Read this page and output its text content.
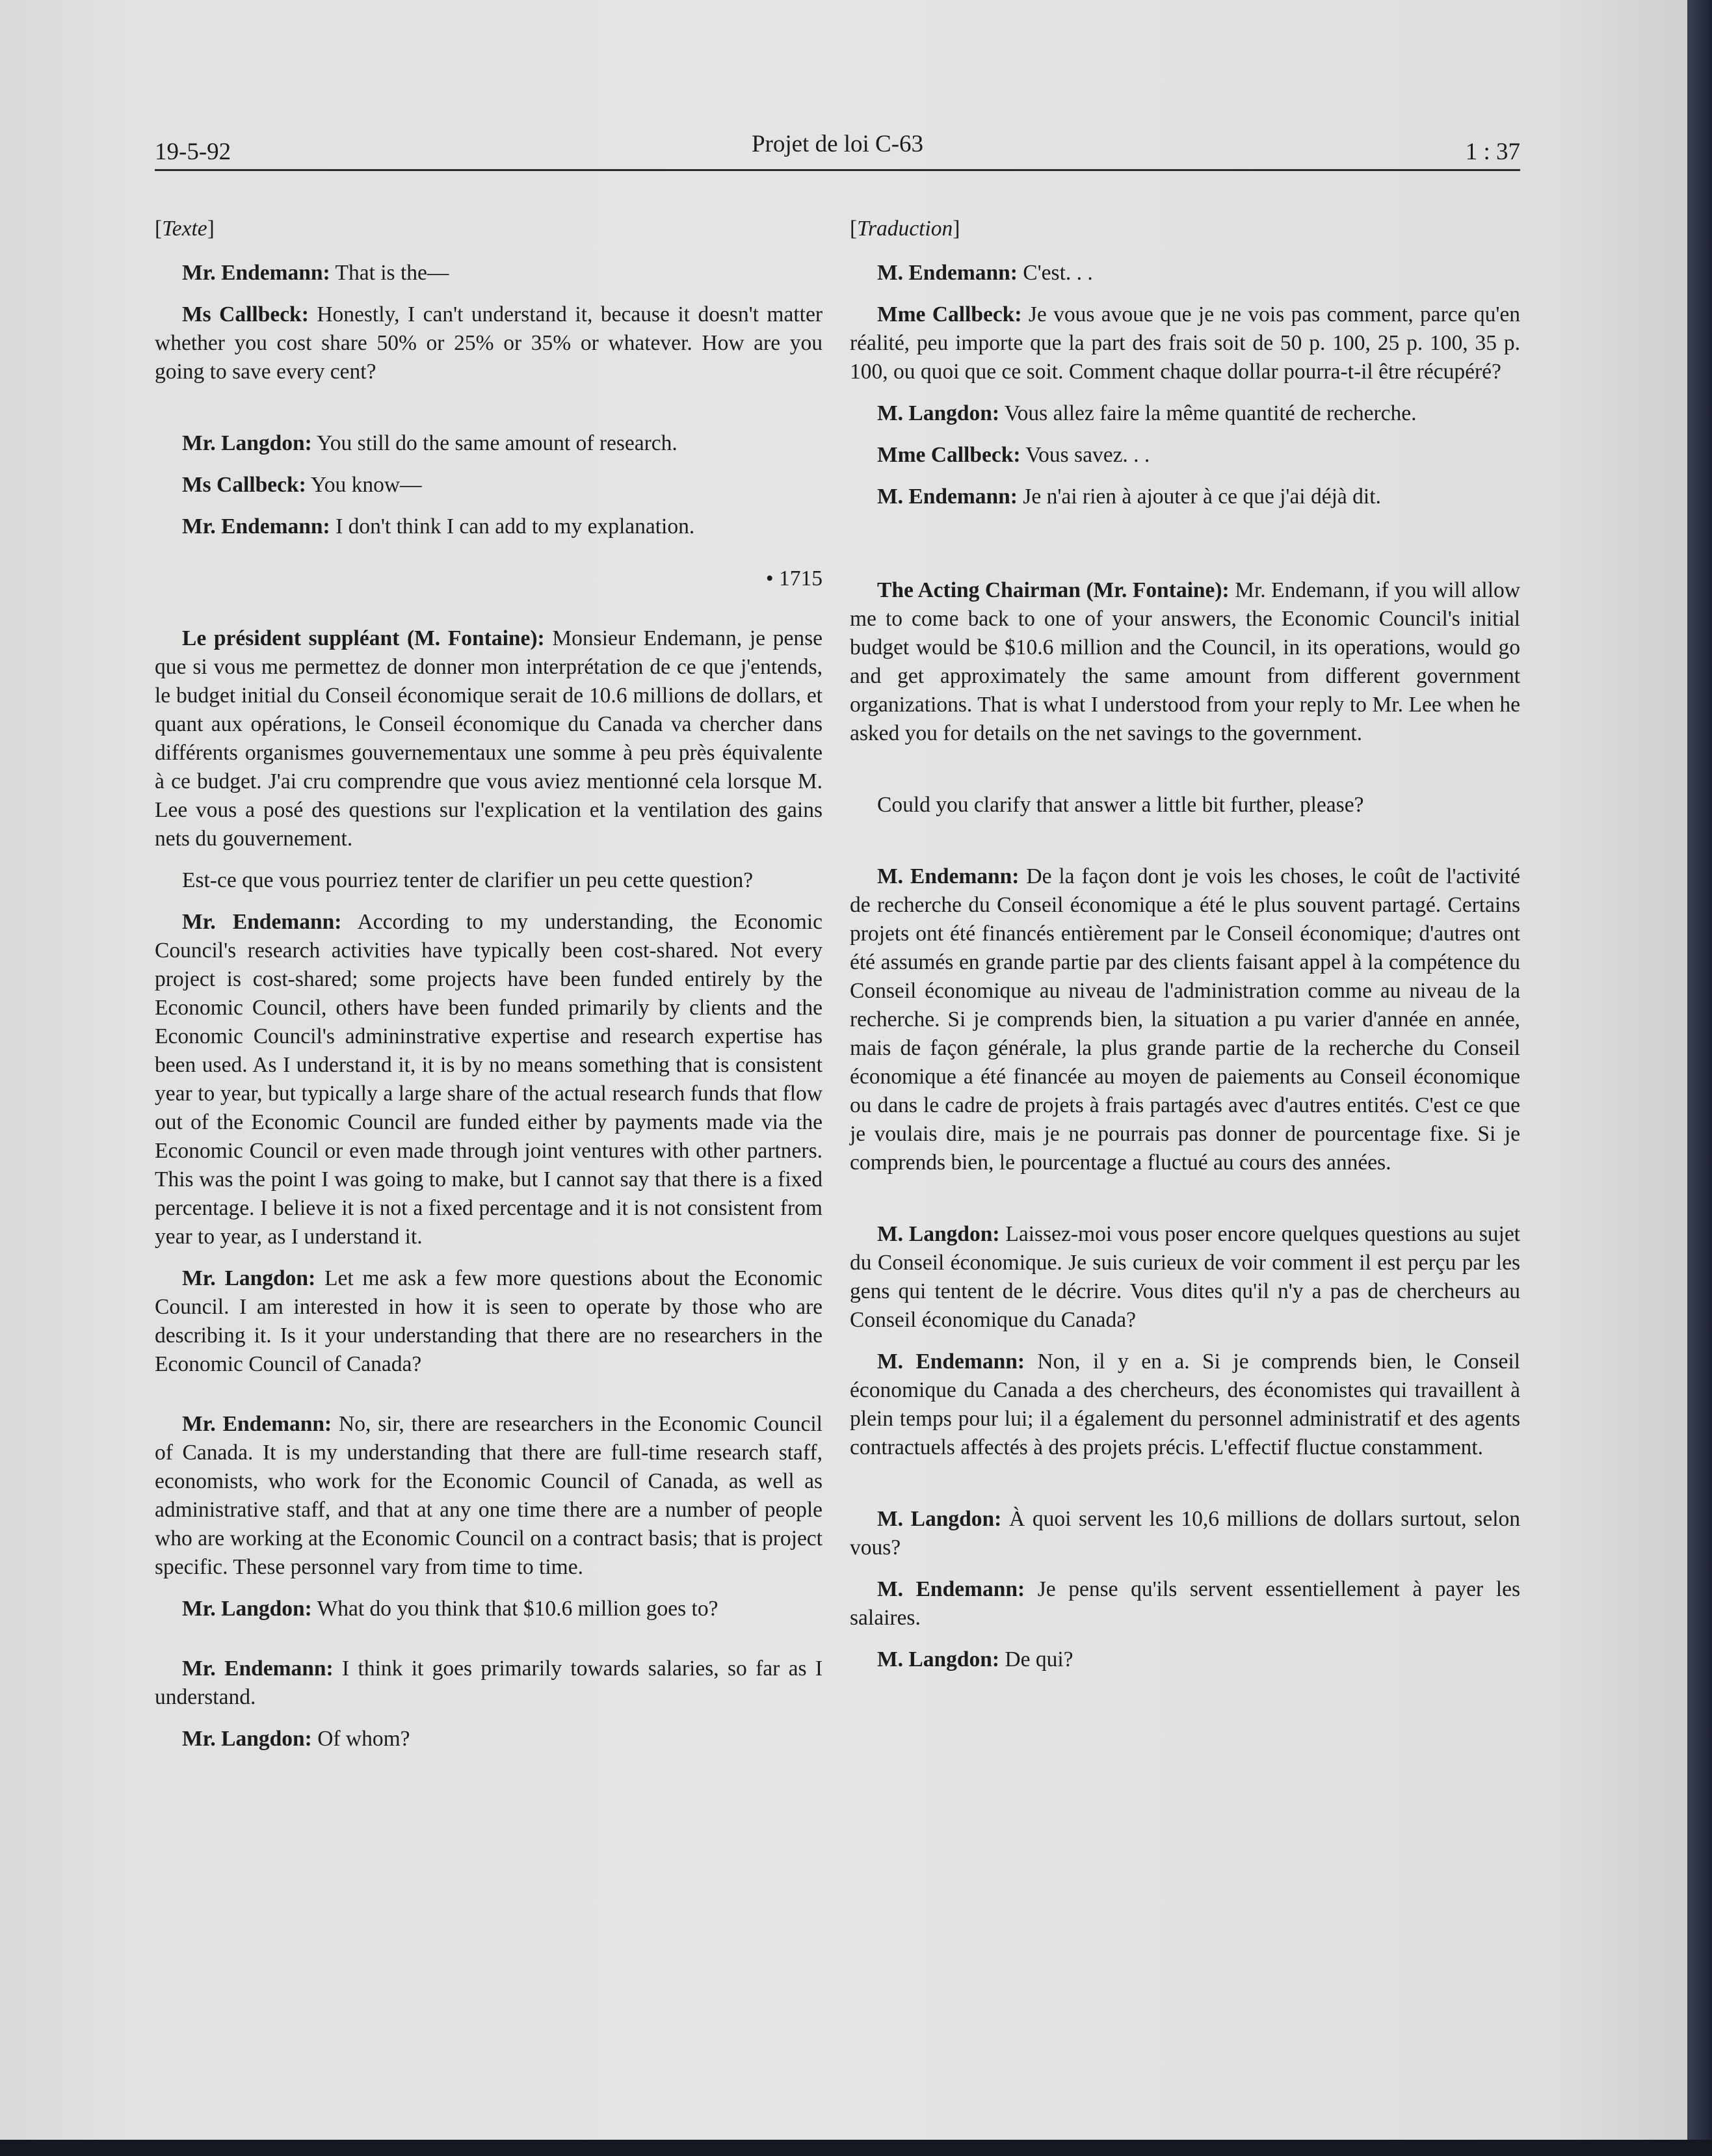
19-5-92	Projet de loi C-63	1 : 37

[Texte]

Mr. Endemann: That is the—

Ms Callbeck: Honestly, I can't understand it, because it doesn't matter whether you cost share 50% or 25% or 35% or whatever. How are you going to save every cent?

Mr. Langdon: You still do the same amount of research.

Ms Callbeck: You know—

Mr. Endemann: I don't think I can add to my explanation.

• 1715

Le président suppléant (M. Fontaine): Monsieur Endemann, je pense que si vous me permettez de donner mon interprétation de ce que j'entends, le budget initial du Conseil économique serait de 10.6 millions de dollars, et quant aux opérations, le Conseil économique du Canada va chercher dans différents organismes gouvernementaux une somme à peu près équivalente à ce budget. J'ai cru comprendre que vous aviez mentionné cela lorsque M. Lee vous a posé des questions sur l'explication et la ventilation des gains nets du gouvernement.

Est-ce que vous pourriez tenter de clarifier un peu cette question?

Mr. Endemann: According to my understanding, the Economic Council's research activities have typically been cost-shared. Not every project is cost-shared; some projects have been funded entirely by the Economic Council, others have been funded primarily by clients and the Economic Council's admininstrative expertise and research expertise has been used. As I understand it, it is by no means something that is consistent year to year, but typically a large share of the actual research funds that flow out of the Economic Council are funded either by payments made via the Economic Council or even made through joint ventures with other partners. This was the point I was going to make, but I cannot say that there is a fixed percentage. I believe it is not a fixed percentage and it is not consistent from year to year, as I understand it.

Mr. Langdon: Let me ask a few more questions about the Economic Council. I am interested in how it is seen to operate by those who are describing it. Is it your understanding that there are no researchers in the Economic Council of Canada?

Mr. Endemann: No, sir, there are researchers in the Economic Council of Canada. It is my understanding that there are full-time research staff, economists, who work for the Economic Council of Canada, as well as administrative staff, and that at any one time there are a number of people who are working at the Economic Council on a contract basis; that is project specific. These personnel vary from time to time.

Mr. Langdon: What do you think that $10.6 million goes to?

Mr. Endemann: I think it goes primarily towards salaries, so far as I understand.

Mr. Langdon: Of whom?

[Traduction]

M. Endemann: C'est. . .

Mme Callbeck: Je vous avoue que je ne vois pas comment, parce qu'en réalité, peu importe que la part des frais soit de 50 p. 100, 25 p. 100, 35 p. 100, ou quoi que ce soit. Comment chaque dollar pourra-t-il être récupéré?

M. Langdon: Vous allez faire la même quantité de recherche.

Mme Callbeck: Vous savez. . .

M. Endemann: Je n'ai rien à ajouter à ce que j'ai déjà dit.

The Acting Chairman (Mr. Fontaine): Mr. Endemann, if you will allow me to come back to one of your answers, the Economic Council's initial budget would be $10.6 million and the Council, in its operations, would go and get approximately the same amount from different government organizations. That is what I understood from your reply to Mr. Lee when he asked you for details on the net savings to the government.

Could you clarify that answer a little bit further, please?

M. Endemann: De la façon dont je vois les choses, le coût de l'activité de recherche du Conseil économique a été le plus souvent partagé. Certains projets ont été financés entièrement par le Conseil économique; d'autres ont été assumés en grande partie par des clients faisant appel à la compétence du Conseil économique au niveau de l'administration comme au niveau de la recherche. Si je comprends bien, la situation a pu varier d'année en année, mais de façon générale, la plus grande partie de la recherche du Conseil économique a été financée au moyen de paiements au Conseil économique ou dans le cadre de projets à frais partagés avec d'autres entités. C'est ce que je voulais dire, mais je ne pourrais pas donner de pourcentage fixe. Si je comprends bien, le pourcentage a fluctué au cours des années.

M. Langdon: Laissez-moi vous poser encore quelques questions au sujet du Conseil économique. Je suis curieux de voir comment il est perçu par les gens qui tentent de le décrire. Vous dites qu'il n'y a pas de chercheurs au Conseil économique du Canada?

M. Endemann: Non, il y en a. Si je comprends bien, le Conseil économique du Canada a des chercheurs, des économistes qui travaillent à plein temps pour lui; il a également du personnel administratif et des agents contractuels affectés à des projets précis. L'effectif fluctue constamment.

M. Langdon: À quoi servent les 10,6 millions de dollars surtout, selon vous?

M. Endemann: Je pense qu'ils servent essentiellement à payer les salaires.

M. Langdon: De qui?
